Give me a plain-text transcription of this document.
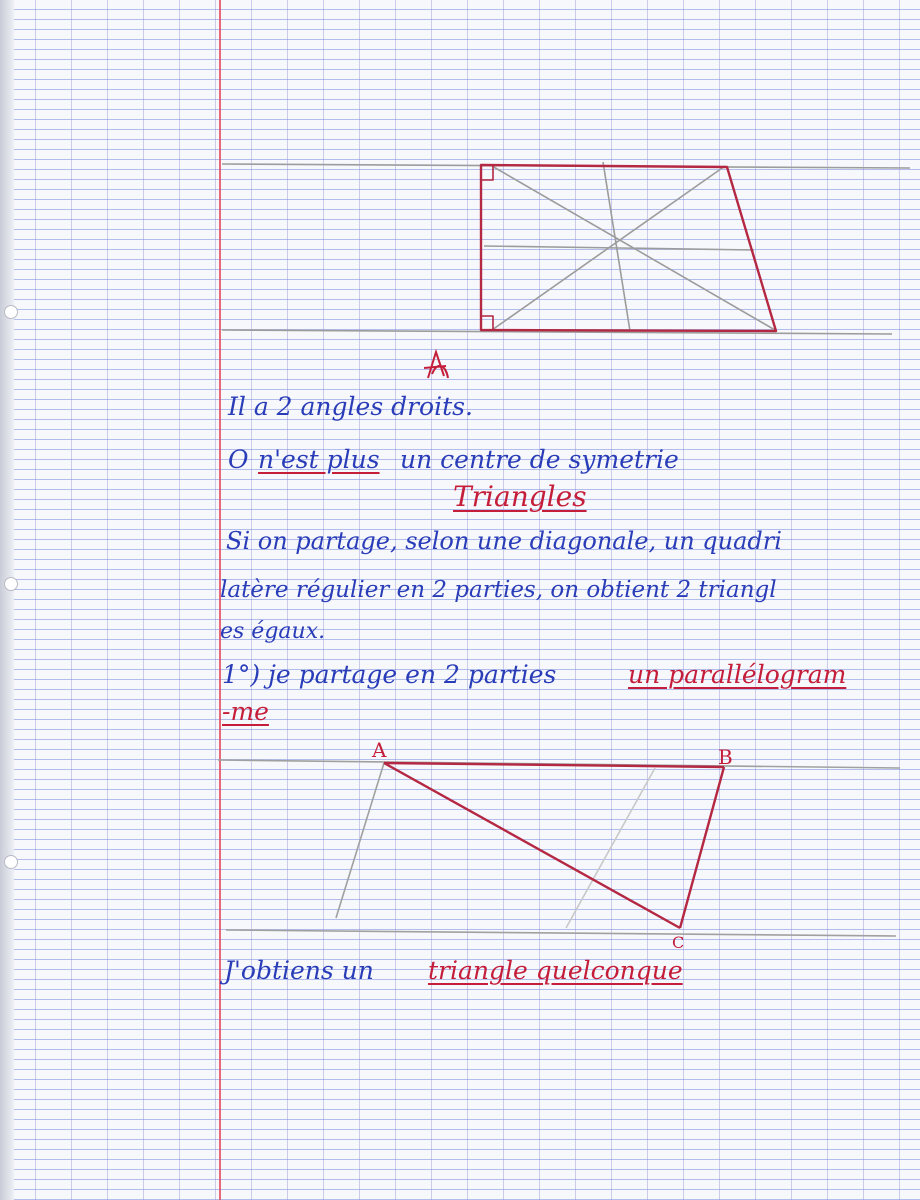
Il a 2 angles droits.

O n'est plus un centre de symetrie

Triangles

Si on partage, selon une diagonale, un quadri

latère régulier en 2 parties, on obtient 2 triangl

es égaux.

1°) je partage en 2 parties	un parallélogram

-me

A	B

C

J'obtiens un triangle quelconque
